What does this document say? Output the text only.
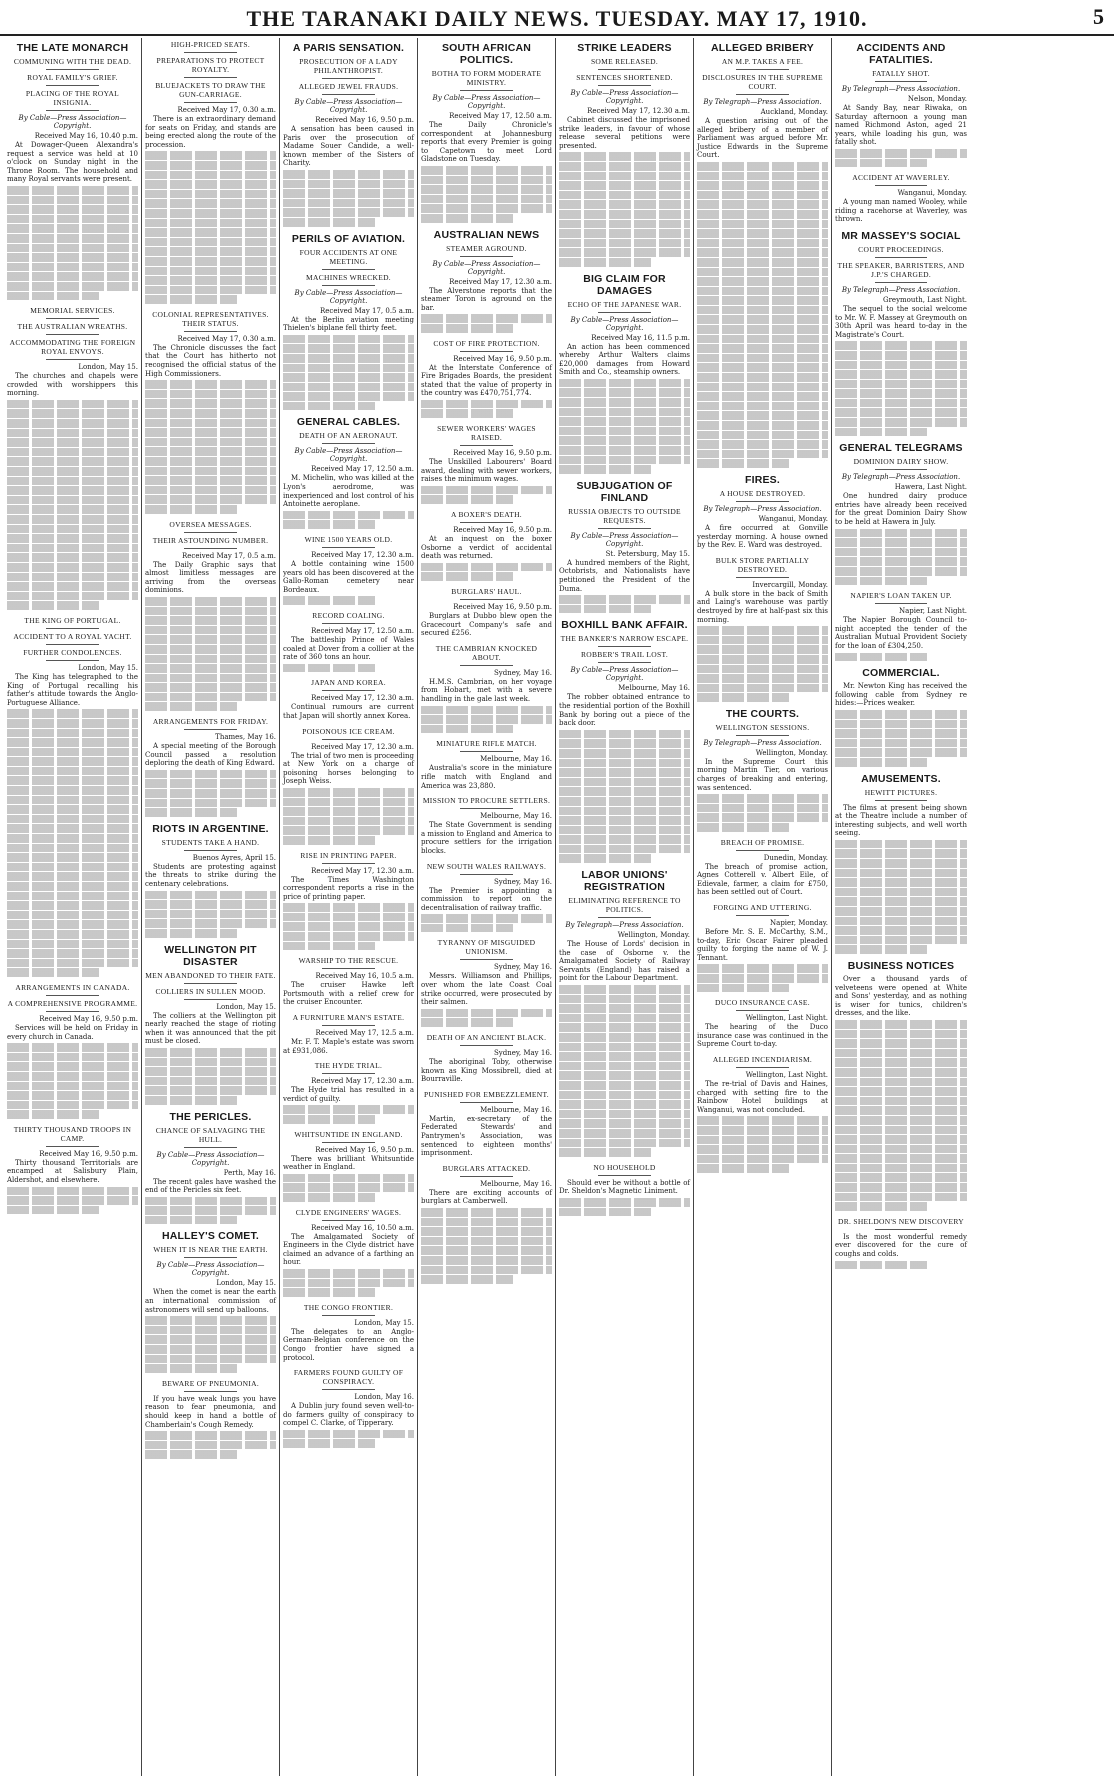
THE TARANAKI DAILY NEWS. TUESDAY. MAY 17, 1910.	5
THE LATE MONARCH
COMMUNING WITH THE DEAD.
ROYAL FAMILY'S GRIEF.
PLACING OF THE ROYAL INSIGNIA.
By Cable—Press Association—Copyright.
Received May 16, 10.40 p.m.

At Dowager-Queen Alexandra's request a service was held at 10 o'clock on Sunday night in the Throne Room. The household and many Royal servants were present.

MEMORIAL SERVICES.
THE AUSTRALIAN WREATHS.
ACCOMMODATING THE FOREIGN ROYAL ENVOYS.
London, May 15.

The churches and chapels were crowded with worshippers this morning.

THE KING OF PORTUGAL.
ACCIDENT TO A ROYAL YACHT.
FURTHER CONDOLENCES.
London, May 15.

The King has telegraphed to the King of Portugal recalling his father's attitude towards the Anglo-Portuguese Alliance.

ARRANGEMENTS IN CANADA.
A COMPREHENSIVE PROGRAMME.
Received May 16, 9.50 p.m.

Services will be held on Friday in every church in Canada.

THIRTY THOUSAND TROOPS IN CAMP.
Received May 16, 9.50 p.m.

Thirty thousand Territorials are encamped at Salisbury Plain, Aldershot, and elsewhere.

HIGH-PRICED SEATS.
PREPARATIONS TO PROTECT ROYALTY.
BLUEJACKETS TO DRAW THE GUN-CARRIAGE.
Received May 17, 0.30 a.m.

There is an extraordinary demand for seats on Friday, and stands are being erected along the route of the procession.

COLONIAL REPRESENTATIVES. THEIR STATUS.
Received May 17, 0.30 a.m.

The Chronicle discusses the fact that the Court has hitherto not recognised the official status of the High Commissioners.

OVERSEA MESSAGES.
THEIR ASTOUNDING NUMBER.
Received May 17, 0.5 a.m.

The Daily Graphic says that almost limitless messages are arriving from the overseas dominions.

ARRANGEMENTS FOR FRIDAY.
Thames, May 16.

A special meeting of the Borough Council passed a resolution deploring the death of King Edward.

RIOTS IN ARGENTINE.
STUDENTS TAKE A HAND.
Buenos Ayres, April 15.

Students are protesting against the threats to strike during the centenary celebrations.

WELLINGTON PIT DISASTER
MEN ABANDONED TO THEIR FATE.
COLLIERS IN SULLEN MOOD.
London, May 15.

The colliers at the Wellington pit nearly reached the stage of rioting when it was announced that the pit must be closed.

THE PERICLES.
CHANCE OF SALVAGING THE HULL.
By Cable—Press Association—Copyright.
Perth, May 16.

The recent gales have washed the end of the Pericles six feet.

HALLEY'S COMET.
WHEN IT IS NEAR THE EARTH.
By Cable—Press Association—Copyright.
London, May 15.

When the comet is near the earth an international commission of astronomers will send up balloons.

BEWARE OF PNEUMONIA.

If you have weak lungs you have reason to fear pneumonia, and should keep in hand a bottle of Chamberlain's Cough Remedy.

A PARIS SENSATION.
PROSECUTION OF A LADY PHILANTHROPIST.
ALLEGED JEWEL FRAUDS.
By Cable—Press Association—Copyright.
Received May 16, 9.50 p.m.

A sensation has been caused in Paris over the prosecution of Madame Souer Candide, a well-known member of the Sisters of Charity.

PERILS OF AVIATION.
FOUR ACCIDENTS AT ONE MEETING.
MACHINES WRECKED.
By Cable—Press Association—Copyright.
Received May 17, 0.5 a.m.

At the Berlin aviation meeting Thielen's biplane fell thirty feet.

GENERAL CABLES.
DEATH OF AN AERONAUT.
By Cable—Press Association—Copyright.
Received May 17, 12.50 a.m.

M. Michelin, who was killed at the Lyon's aerodrome, was inexperienced and lost control of his Antoinette aeroplane.

WINE 1500 YEARS OLD.
Received May 17, 12.30 a.m.

A bottle containing wine 1500 years old has been discovered at the Gallo-Roman cemetery near Bordeaux.

RECORD COALING.
Received May 17, 12.50 a.m.

The battleship Prince of Wales coaled at Dover from a collier at the rate of 360 tons an hour.

JAPAN AND KOREA.
Received May 17, 12.30 a.m.

Continual rumours are current that Japan will shortly annex Korea.

POISONOUS ICE CREAM.
Received May 17, 12.30 a.m.

The trial of two men is proceeding at New York on a charge of poisoning horses belonging to Joseph Weiss.

RISE IN PRINTING PAPER.
Received May 17, 12.30 a.m.

The Times Washington correspondent reports a rise in the price of printing paper.

WARSHIP TO THE RESCUE.
Received May 16, 10.5 a.m.

The cruiser Hawke left Portsmouth with a relief crew for the cruiser Encounter.

A FURNITURE MAN'S ESTATE.
Received May 17, 12.5 a.m.

Mr. F. T. Maple's estate was sworn at £931,086.

THE HYDE TRIAL.
Received May 17, 12.30 a.m.

The Hyde trial has resulted in a verdict of guilty.

WHITSUNTIDE IN ENGLAND.
Received May 16, 9.50 p.m.

There was brilliant Whitsuntide weather in England.

CLYDE ENGINEERS' WAGES.
Received May 16, 10.50 a.m.

The Amalgamated Society of Engineers in the Clyde district have claimed an advance of a farthing an hour.

THE CONGO FRONTIER.
London, May 15.

The delegates to an Anglo-German-Belgian conference on the Congo frontier have signed a protocol.

FARMERS FOUND GUILTY OF CONSPIRACY.
London, May 16.

A Dublin jury found seven well-to-do farmers guilty of conspiracy to compel C. Clarke, of Tipperary.

SOUTH AFRICAN POLITICS.
BOTHA TO FORM MODERATE MINISTRY.
By Cable—Press Association—Copyright.
Received May 17, 12.50 a.m.

The Daily Chronicle's correspondent at Johannesburg reports that every Premier is going to Capetown to meet Lord Gladstone on Tuesday.

AUSTRALIAN NEWS
STEAMER AGROUND.
By Cable—Press Association—Copyright.
Received May 17, 12.30 a.m.

The Alverstone reports that the steamer Toron is aground on the bar.

COST OF FIRE PROTECTION.
Received May 16, 9.50 p.m.

At the Interstate Conference of Fire Brigades Boards, the president stated that the value of property in the country was £470,751,774.

SEWER WORKERS' WAGES RAISED.
Received May 16, 9.50 p.m.

The Unskilled Labourers' Board award, dealing with sewer workers, raises the minimum wages.

A BOXER'S DEATH.
Received May 16, 9.50 p.m.

At an inquest on the boxer Osborne a verdict of accidental death was returned.

BURGLARS' HAUL.
Received May 16, 9.50 p.m.

Burglars at Dubbo blew open the Gracecourt Company's safe and secured £256.

THE CAMBRIAN KNOCKED ABOUT.
Sydney, May 16.

H.M.S. Cambrian, on her voyage from Hobart, met with a severe handling in the gale last week.

MINIATURE RIFLE MATCH.
Melbourne, May 16.

Australia's score in the miniature rifle match with England and America was 23,880.

MISSION TO PROCURE SETTLERS.
Melbourne, May 16.

The State Government is sending a mission to England and America to procure settlers for the irrigation blocks.

NEW SOUTH WALES RAILWAYS.
Sydney, May 16.

The Premier is appointing a commission to report on the decentralisation of railway traffic.

TYRANNY OF MISGUIDED UNIONISM.
Sydney, May 16.

Messrs. Williamson and Phillips, over whom the late Coast Coal strike occurred, were prosecuted by their salmen.

DEATH OF AN ANCIENT BLACK.
Sydney, May 16.

The aboriginal Toby, otherwise known as King Mossibrell, died at Bourraville.

PUNISHED FOR EMBEZZLEMENT.
Melbourne, May 16.

Martin, ex-secretary of the Federated Stewards' and Pantrymen's Association, was sentenced to eighteen months' imprisonment.

BURGLARS ATTACKED.
Melbourne, May 16.

There are exciting accounts of burglars at Camberwell.

STRIKE LEADERS
SOME RELEASED.
SENTENCES SHORTENED.
By Cable—Press Association—Copyright.
Received May 17, 12.30 a.m.

Cabinet discussed the imprisoned strike leaders, in favour of whose release several petitions were presented.

BIG CLAIM FOR DAMAGES
ECHO OF THE JAPANESE WAR.
By Cable—Press Association—Copyright.
Received May 16, 11.5 p.m.

An action has been commenced whereby Arthur Walters claims £20,000 damages from Howard Smith and Co., steamship owners.

SUBJUGATION OF FINLAND
RUSSIA OBJECTS TO OUTSIDE REQUESTS.
By Cable—Press Association—Copyright.
St. Petersburg, May 15.

A hundred members of the Right, Octobrists, and Nationalists have petitioned the President of the Duma.

BOXHILL BANK AFFAIR.
THE BANKER'S NARROW ESCAPE.
ROBBER'S TRAIL LOST.
By Cable—Press Association—Copyright.
Melbourne, May 16.

The robber obtained entrance to the residential portion of the Boxhill Bank by boring out a piece of the back door.

LABOR UNIONS' REGISTRATION
ELIMINATING REFERENCE TO POLITICS.
By Telegraph—Press Association.
Wellington, Monday.

The House of Lords' decision in the case of Osborne v. the Amalgamated Society of Railway Servants (England) has raised a point for the Labour Department.

NO HOUSEHOLD

Should ever be without a bottle of Dr. Sheldon's Magnetic Liniment.

ALLEGED BRIBERY
AN M.P. TAKES A FEE.
DISCLOSURES IN THE SUPREME COURT.
By Telegraph—Press Association.
Auckland, Monday.

A question arising out of the alleged bribery of a member of Parliament was argued before Mr. Justice Edwards in the Supreme Court.

FIRES.
A HOUSE DESTROYED.
By Telegraph—Press Association.
Wanganui, Monday.

A fire occurred at Gonville yesterday morning. A house owned by the Rev. E. Ward was destroyed.

BULK STORE PARTIALLY DESTROYED.
Invercargill, Monday.

A bulk store in the back of Smith and Laing's warehouse was partly destroyed by fire at half-past six this morning.

THE COURTS.
WELLINGTON SESSIONS.
By Telegraph—Press Association.
Wellington, Monday.

In the Supreme Court this morning Martin Tier, on various charges of breaking and entering, was sentenced.

BREACH OF PROMISE.
Dunedin, Monday.

The breach of promise action, Agnes Cotterell v. Albert Eile, of Edievale, farmer, a claim for £750, has been settled out of Court.

FORGING AND UTTERING.
Napier, Monday.

Before Mr. S. E. McCarthy, S.M., to-day, Eric Oscar Fairer pleaded guilty to forging the name of W. J. Tennant.

DUCO INSURANCE CASE.
Wellington, Last Night.

The hearing of the Duco insurance case was continued in the Supreme Court to-day.

ALLEGED INCENDIARISM.
Wellington, Last Night.

The re-trial of Davis and Haines, charged with setting fire to the Rainbow Hotel buildings at Wanganui, was not concluded.

ACCIDENTS AND FATALITIES.
FATALLY SHOT.
By Telegraph—Press Association.
Nelson, Monday.

At Sandy Bay, near Riwaka, on Saturday afternoon a young man named Richmond Aston, aged 21 years, while loading his gun, was fatally shot.

ACCIDENT AT WAVERLEY.
Wanganui, Monday.

A young man named Wooley, while riding a racehorse at Waverley, was thrown.

MR MASSEY'S SOCIAL
COURT PROCEEDINGS.
THE SPEAKER, BARRISTERS, AND J.P.'S CHARGED.
By Telegraph—Press Association.
Greymouth, Last Night.

The sequel to the social welcome to Mr. W. F. Massey at Greymouth on 30th April was heard to-day in the Magistrate's Court.

GENERAL TELEGRAMS
DOMINION DAIRY SHOW.
By Telegraph—Press Association.
Hawera, Last Night.

One hundred dairy produce entries have already been received for the great Dominion Dairy Show to be held at Hawera in July.

NAPIER'S LOAN TAKEN UP.
Napier, Last Night.

The Napier Borough Council to-night accepted the tender of the Australian Mutual Provident Society for the loan of £304,250.

COMMERCIAL.

Mr. Newton King has received the following cable from Sydney re hides:—Prices weaker.

AMUSEMENTS.
HEWITT PICTURES.

The films at present being shown at the Theatre include a number of interesting subjects, and well worth seeing.

BUSINESS NOTICES

Over a thousand yards of velveteens were opened at White and Sons' yesterday, and as nothing is wiser for tunics, children's dresses, and the like.

DR. SHELDON'S NEW DISCOVERY

Is the most wonderful remedy ever discovered for the cure of coughs and colds.
